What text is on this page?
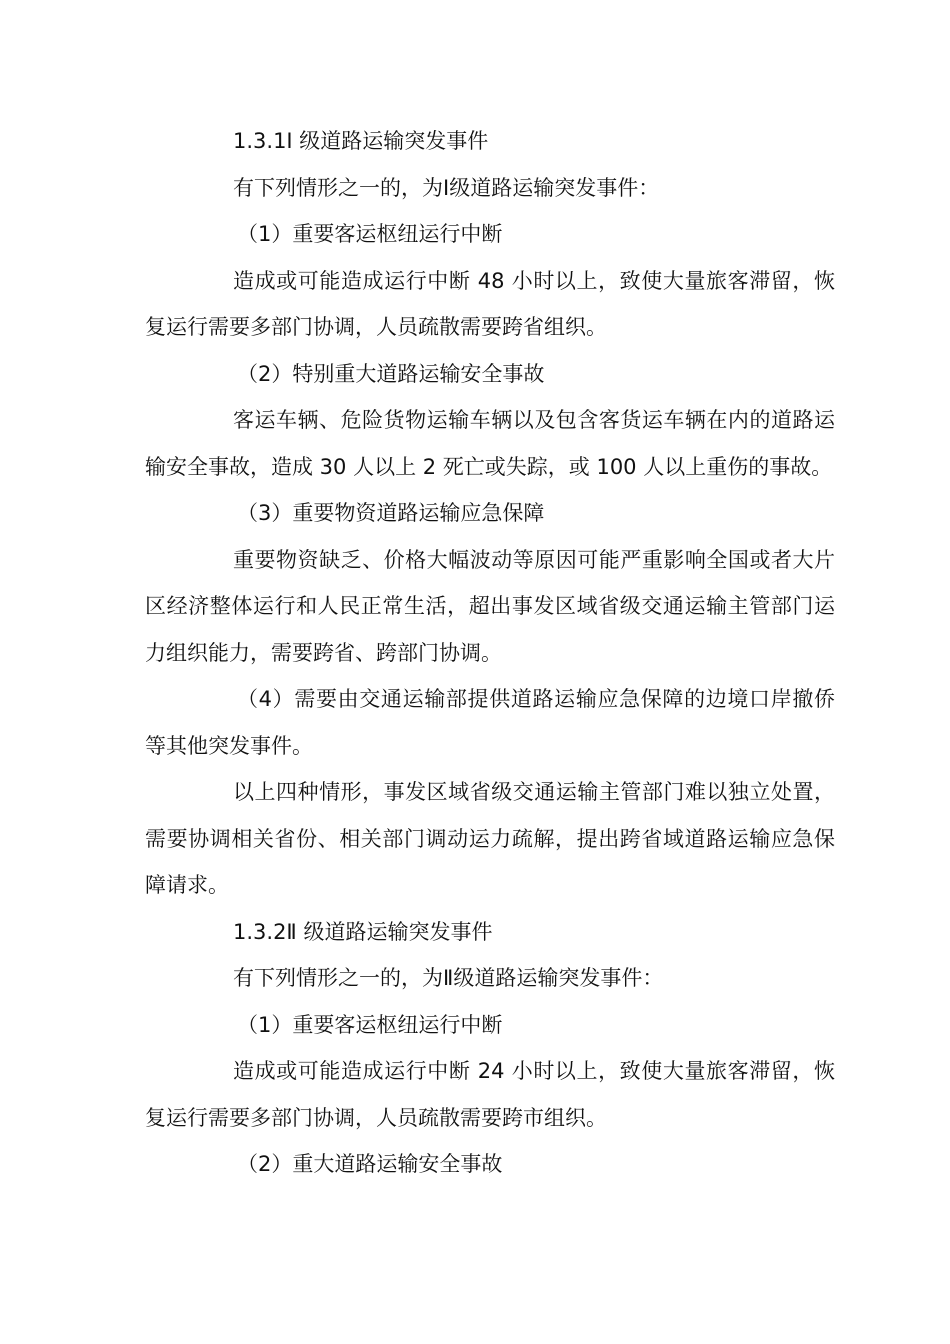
1.3.1Ⅰ 级道路运输突发事件

有下列情形之一的，为Ⅰ级道路运输突发事件：

（1）重要客运枢纽运行中断

造成或可能造成运行中断 48 小时以上，致使大量旅客滞留，恢复运行需要多部门协调，人员疏散需要跨省组织。

（2）特别重大道路运输安全事故

客运车辆、危险货物运输车辆以及包含客货运车辆在内的道路运输安全事故，造成 30 人以上 2 死亡或失踪，或 100 人以上重伤的事故。

（3）重要物资道路运输应急保障

重要物资缺乏、价格大幅波动等原因可能严重影响全国或者大片区经济整体运行和人民正常生活，超出事发区域省级交通运输主管部门运力组织能力，需要跨省、跨部门协调。

（4）需要由交通运输部提供道路运输应急保障的边境口岸撤侨等其他突发事件。

以上四种情形，事发区域省级交通运输主管部门难以独立处置，需要协调相关省份、相关部门调动运力疏解，提出跨省域道路运输应急保障请求。

1.3.2Ⅱ 级道路运输突发事件

有下列情形之一的，为Ⅱ级道路运输突发事件：

（1）重要客运枢纽运行中断

造成或可能造成运行中断 24 小时以上，致使大量旅客滞留，恢复运行需要多部门协调，人员疏散需要跨市组织。

（2）重大道路运输安全事故
